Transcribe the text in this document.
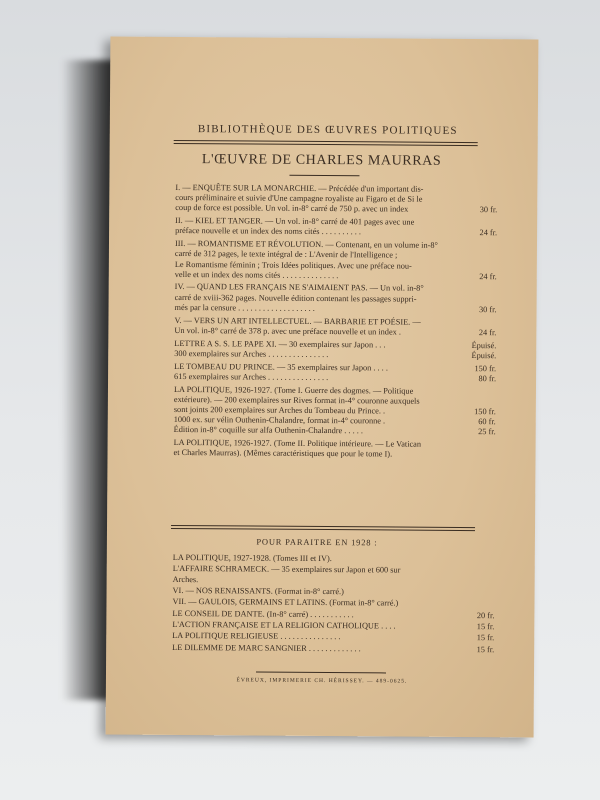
BIBLIOTHÈQUE DES ŒUVRES POLITIQUES
L'ŒUVRE DE CHARLES MAURRAS
I. — ENQUÊTE SUR LA MONARCHIE. — Précédée d'un important dis-
cours préliminaire et suivie d'Une campagne royaliste au Figaro et de Si le
coup de force est possible. Un vol. in-8° carré de 750 p. avec un index	30 fr.
II. — KIEL ET TANGER. — Un vol. in-8° carré de 401 pages avec une
préface nouvelle et un index des noms cités . . . . . . . . . .	24 fr.
III. — ROMANTISME ET RÉVOLUTION. — Contenant, en un volume in-8°
carré de 312 pages, le texte intégral de : L'Avenir de l'Intelligence ;
Le Romantisme féminin ; Trois Idées politiques. Avec une préface nou-
velle et un index des noms cités . . . . . . . . . . . . . .	24 fr.
IV. — QUAND LES FRANÇAIS NE S'AIMAIENT PAS. — Un vol. in-8°
carré de xviii-362 pages. Nouvelle édition contenant les passages suppri-
més par la censure . . . . . . . . . . . . . . . . . . .	30 fr.
V. — VERS UN ART INTELLECTUEL. — BARBARIE ET POÉSIE. —
Un vol. in-8° carré de 378 p. avec une préface nouvelle et un index .	24 fr.
LETTRE A S. S. LE PAPE XI. — 30 exemplaires sur Japon . . .	Épuisé.
300 exemplaires sur Arches . . . . . . . . . . . . . . .	Épuisé.
LE TOMBEAU DU PRINCE. — 35 exemplaires sur Japon . . . .	150 fr.
615 exemplaires sur Arches . . . . . . . . . . . . . . .	80 fr.
LA POLITIQUE, 1926-1927. (Tome I. Guerre des dogmes. — Politique
extérieure). — 200 exemplaires sur Rives format in-4° couronne auxquels
sont joints 200 exemplaires sur Arches du Tombeau du Prince. .	150 fr.
1000 ex. sur vélin Outhenin-Chalandre, format in-4° couronne .	60 fr.
Édition in-8° coquille sur alfa Outhenin-Chalandre . . . . .	25 fr.
LA POLITIQUE, 1926-1927. (Tome II. Politique intérieure. — Le Vatican
et Charles Maurras). (Mêmes caractéristiques que pour le tome I).
POUR PARAITRE EN 1928 :
LA POLITIQUE, 1927-1928. (Tomes III et IV).
L'AFFAIRE SCHRAMECK. — 35 exemplaires sur Japon et 600 sur
Arches.
VI. — NOS RENAISSANTS. (Format in-8° carré.)
VII. — GAULOIS, GERMAINS ET LATINS. (Format in-8° carré.)
LE CONSEIL DE DANTE. (In-8° carré) . . . . . . . . . . .	20 fr.
L'ACTION FRANÇAISE ET LA RELIGION CATHOLIQUE . . . .	15 fr.
LA POLITIQUE RELIGIEUSE . . . . . . . . . . . . . . .	15 fr.
LE DILEMME DE MARC SANGNIER . . . . . . . . . . . . .	15 fr.
ÉVREUX, IMPRIMERIE CH. HÉRISSEY. — 489-0625.
